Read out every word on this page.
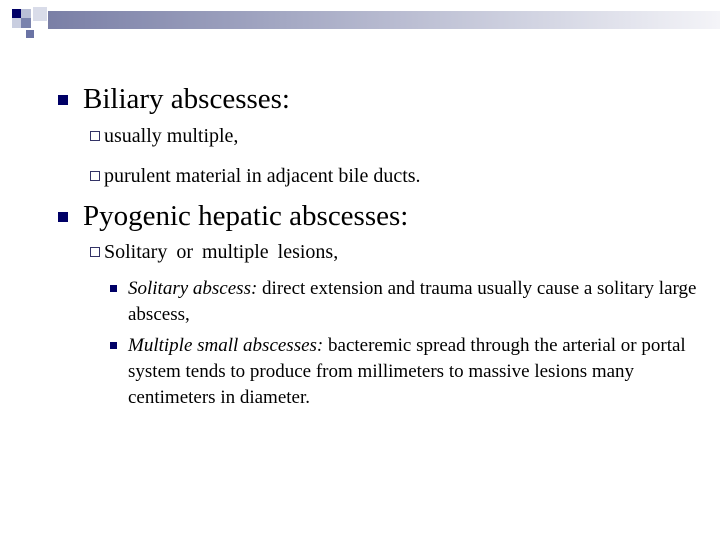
Biliary abscesses:
usually multiple,
purulent material in adjacent bile ducts.
Pyogenic hepatic abscesses:
Solitary or multiple lesions,
Solitary abscess: direct extension and trauma usually cause a solitary large abscess,
Multiple small abscesses: bacteremic spread through the arterial or portal system tends to produce from millimeters to massive lesions many centimeters in diameter.
